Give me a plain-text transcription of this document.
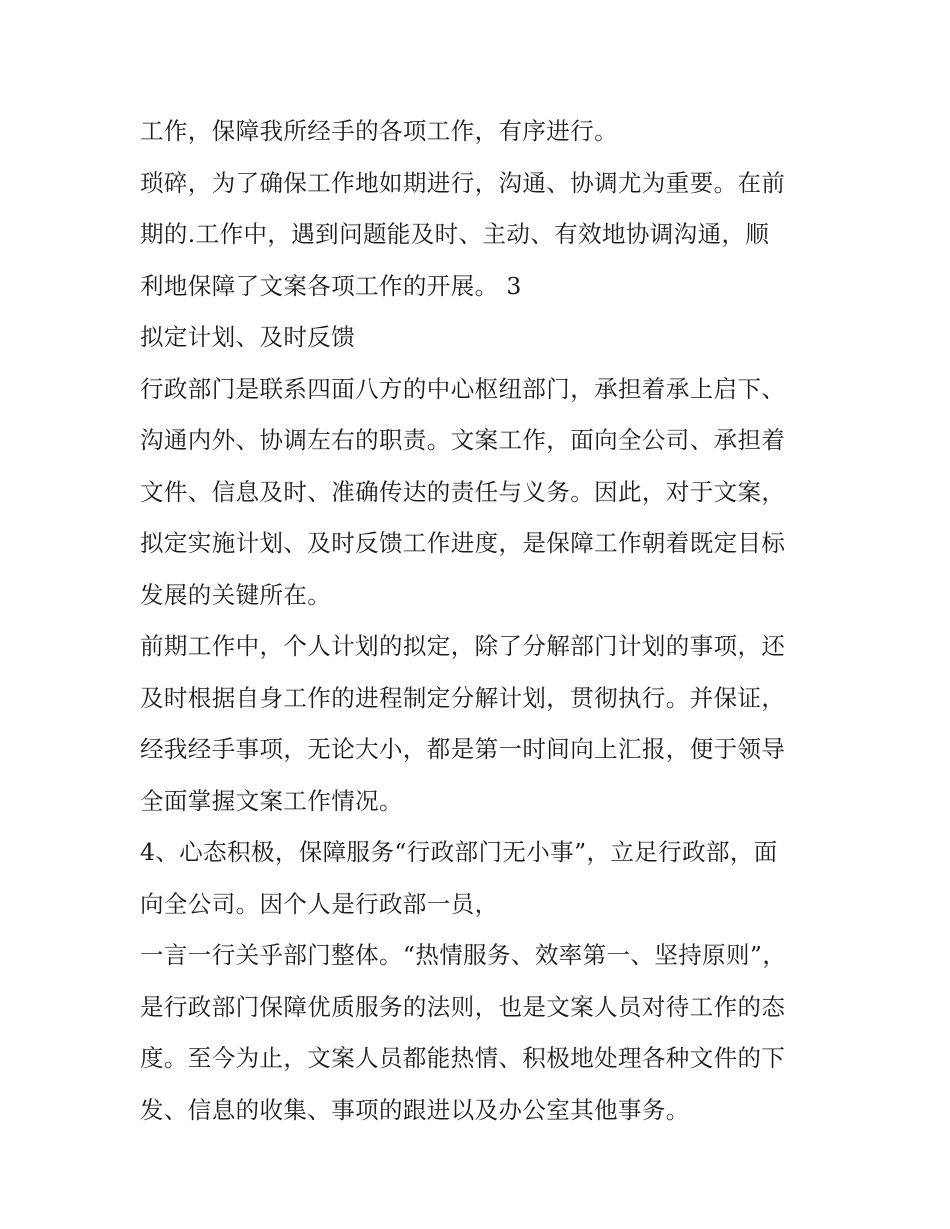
工作，保障我所经手的各项工作，有序进行。
琐碎，为了确保工作地如期进行，沟通、协调尤为重要。在前
期的.工作中，遇到问题能及时、主动、有效地协调沟通，顺
利地保障了文案各项工作的开展。 3
拟定计划、及时反馈
行政部门是联系四面八方的中心枢纽部门，承担着承上启下、
沟通内外、协调左右的职责。文案工作，面向全公司、承担着
文件、信息及时、准确传达的责任与义务。因此，对于文案，
拟定实施计划、及时反馈工作进度，是保障工作朝着既定目标
发展的关键所在。
前期工作中，个人计划的拟定，除了分解部门计划的事项，还
及时根据自身工作的进程制定分解计划，贯彻执行。并保证，
经我经手事项，无论大小，都是第一时间向上汇报，便于领导
全面掌握文案工作情况。
4、心态积极，保障服务“行政部门无小事”，立足行政部，面
向全公司。因个人是行政部一员，
一言一行关乎部门整体。“热情服务、效率第一、坚持原则”，
是行政部门保障优质服务的法则，也是文案人员对待工作的态
度。至今为止，文案人员都能热情、积极地处理各种文件的下
发、信息的收集、事项的跟进以及办公室其他事务。
